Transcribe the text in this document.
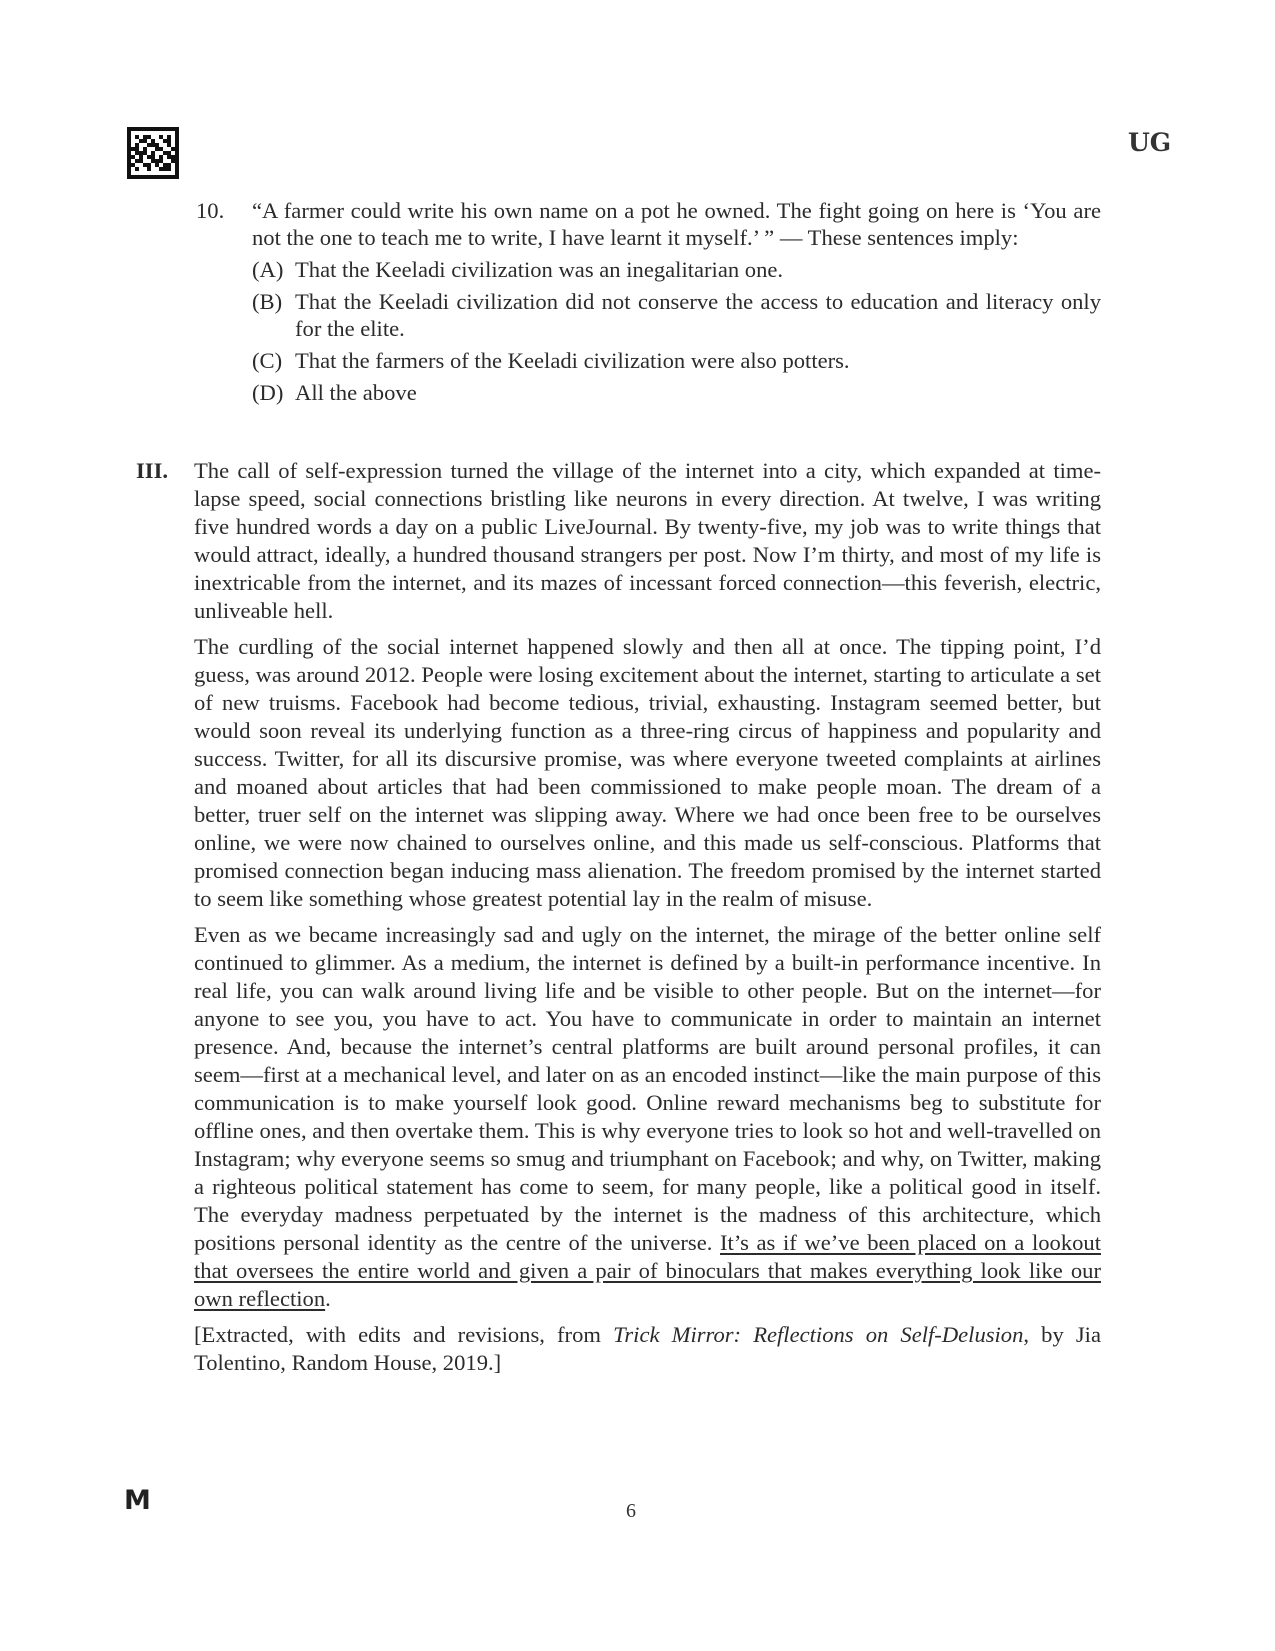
UG
10.	“A farmer could write his own name on a pot he owned. The fight going on here is ‘You are not the one to teach me to write, I have learnt it myself.’ ” — These sentences imply:
(A) That the Keeladi civilization was an inegalitarian one.
(B) That the Keeladi civilization did not conserve the access to education and literacy only for the elite.
(C) That the farmers of the Keeladi civilization were also potters.
(D) All the above
III.	The call of self-expression turned the village of the internet into a city, which expanded at time-lapse speed, social connections bristling like neurons in every direction. At twelve, I was writing five hundred words a day on a public LiveJournal. By twenty-five, my job was to write things that would attract, ideally, a hundred thousand strangers per post. Now I’m thirty, and most of my life is inextricable from the internet, and its mazes of incessant forced connection—this feverish, electric, unliveable hell.

The curdling of the social internet happened slowly and then all at once. The tipping point, I’d guess, was around 2012. People were losing excitement about the internet, starting to articulate a set of new truisms. Facebook had become tedious, trivial, exhausting. Instagram seemed better, but would soon reveal its underlying function as a three-ring circus of happiness and popularity and success. Twitter, for all its discursive promise, was where everyone tweeted complaints at airlines and moaned about articles that had been commissioned to make people moan. The dream of a better, truer self on the internet was slipping away. Where we had once been free to be ourselves online, we were now chained to ourselves online, and this made us self-conscious. Platforms that promised connection began inducing mass alienation. The freedom promised by the internet started to seem like something whose greatest potential lay in the realm of misuse.

Even as we became increasingly sad and ugly on the internet, the mirage of the better online self continued to glimmer. As a medium, the internet is defined by a built-in performance incentive. In real life, you can walk around living life and be visible to other people. But on the internet—for anyone to see you, you have to act. You have to communicate in order to maintain an internet presence. And, because the internet’s central platforms are built around personal profiles, it can seem—first at a mechanical level, and later on as an encoded instinct—like the main purpose of this communication is to make yourself look good. Online reward mechanisms beg to substitute for offline ones, and then overtake them. This is why everyone tries to look so hot and well-travelled on Instagram; why everyone seems so smug and triumphant on Facebook; and why, on Twitter, making a righteous political statement has come to seem, for many people, like a political good in itself. The everyday madness perpetuated by the internet is the madness of this architecture, which positions personal identity as the centre of the universe. It’s as if we’ve been placed on a lookout that oversees the entire world and given a pair of binoculars that makes everything look like our own reflection.

[Extracted, with edits and revisions, from Trick Mirror: Reflections on Self-Delusion, by Jia Tolentino, Random House, 2019.]

M	6
